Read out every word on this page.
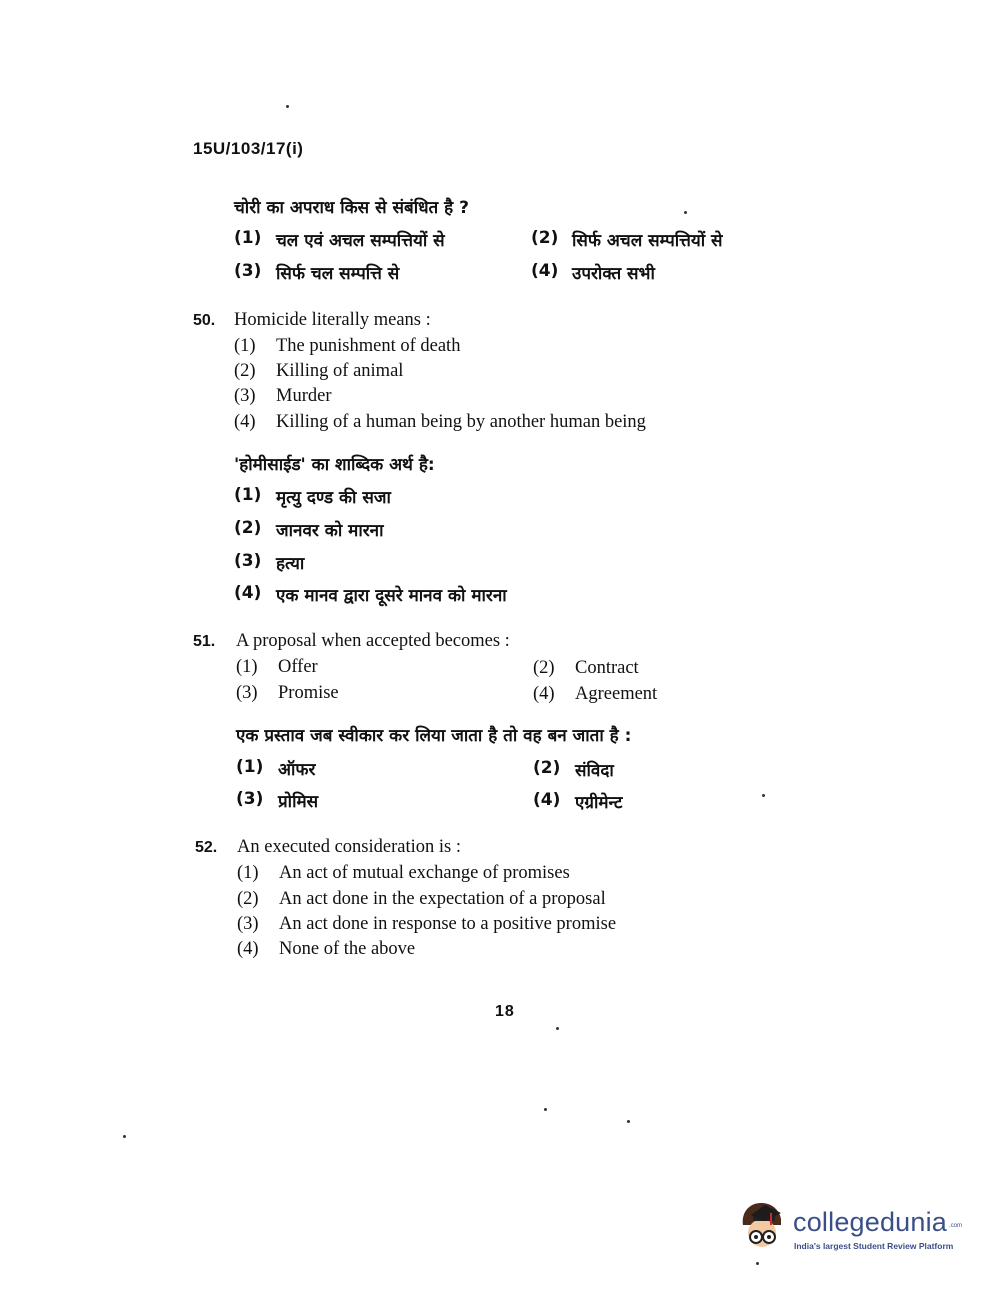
15U/103/17(i)
चोरी का अपराध किस से संबंधित है ?
(1) चल एवं अचल सम्पत्तियों से	(2) सिर्फ अचल सम्पत्तियों से
(3) सिर्फ चल सम्पत्ति से	(4) उपरोक्त सभी
50. Homicide literally means :
(1) The punishment of death
(2) Killing of animal
(3) Murder
(4) Killing of a human being by another human being
'होमीसाईड' का शाब्दिक अर्थ है:
(1) मृत्यु दण्ड की सजा
(2) जानवर को मारना
(3) हत्या
(4) एक मानव द्वारा दूसरे मानव को मारना
51. A proposal when accepted becomes :
(1) Offer	(2) Contract
(3) Promise	(4) Agreement
एक प्रस्ताव जब स्वीकार कर लिया जाता है तो वह बन जाता है :
(1) ऑफर	(2) संविदा
(3) प्रोमिस	(4) एग्रीमेन्ट
52. An executed consideration is :
(1) An act of mutual exchange of promises
(2) An act done in the expectation of a proposal
(3) An act done in response to a positive promise
(4) None of the above
18
collegedunia .com
India's largest Student Review Platform
